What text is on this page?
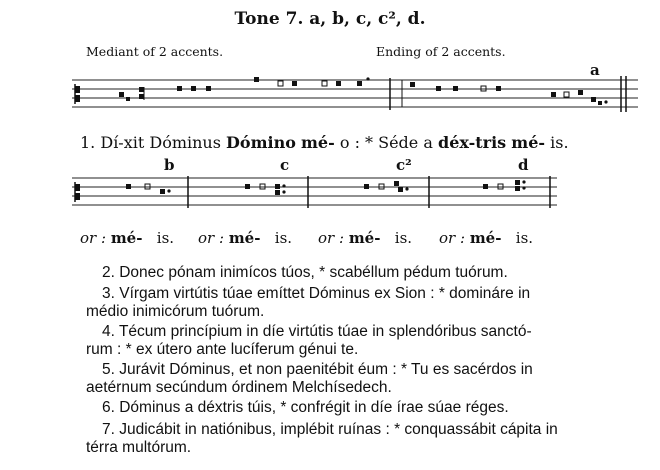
Tone 7. a, b, c, c², d.
Mediant of 2 accents.	Ending of 2 accents.
a
1. Dí-xit Dóminus Dómino mé- o : * Séde a déx-tris mé- is.
b	c	c²	d
or : mé- is. or : mé- is. or : mé- is. or : mé- is.
2. Donec pónam inimícos túos, * scabéllum pédum tuórum.
3. Vírgam virtútis túae emíttet Dóminus ex Sion : * domináre in
médio inimicórum tuórum.
4. Técum princípium in díe virtútis túae in splendóribus sanctó-
rum : * ex útero ante lucíferum génui te.
5. Jurávit Dóminus, et non paenitébit éum : * Tu es sacérdos in
aetérnum secúndum órdinem Melchísedech.
6. Dóminus a déxtris túis, * confrégit in díe írae súae réges.
7. Judicábit in natiónibus, implébit ruínas : * conquassábit cápita in
térra multórum.
